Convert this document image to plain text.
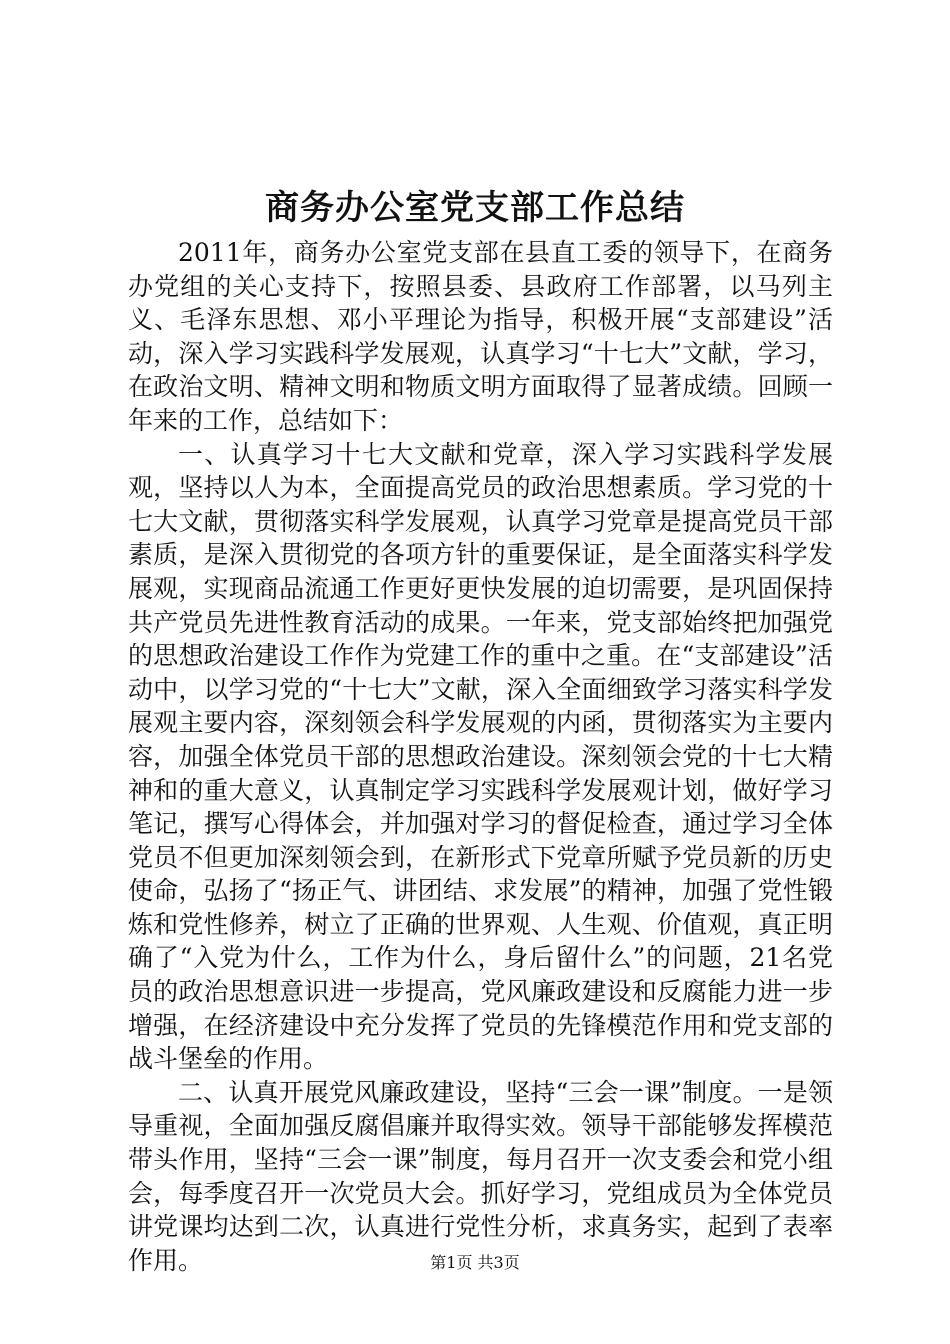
商务办公室党支部工作总结

2011年，商务办公室党支部在县直工委的领导下，在商务办党组的关心支持下，按照县委、县政府工作部署，以马列主义、毛泽东思想、邓小平理论为指导，积极开展“支部建设”活动，深入学习实践科学发展观，认真学习“十七大”文献，学习，在政治文明、精神文明和物质文明方面取得了显著成绩。回顾一年来的工作，总结如下：

一、认真学习十七大文献和党章，深入学习实践科学发展观，坚持以人为本，全面提高党员的政治思想素质。学习党的十七大文献，贯彻落实科学发展观，认真学习党章是提高党员干部素质，是深入贯彻党的各项方针的重要保证，是全面落实科学发展观，实现商品流通工作更好更快发展的迫切需要，是巩固保持共产党员先进性教育活动的成果。一年来，党支部始终把加强党的思想政治建设工作作为党建工作的重中之重。在“支部建设”活动中，以学习党的“十七大”文献，深入全面细致学习落实科学发展观主要内容，深刻领会科学发展观的内函，贯彻落实为主要内容，加强全体党员干部的思想政治建设。深刻领会党的十七大精神和的重大意义，认真制定学习实践科学发展观计划，做好学习笔记，撰写心得体会，并加强对学习的督促检查，通过学习全体党员不但更加深刻领会到，在新形式下党章所赋予党员新的历史使命，弘扬了“扬正气、讲团结、求发展”的精神，加强了党性锻炼和党性修养，树立了正确的世界观、人生观、价值观，真正明确了“入党为什么，工作为什么，身后留什么”的问题，21名党员的政治思想意识进一步提高，党风廉政建设和反腐能力进一步增强，在经济建设中充分发挥了党员的先锋模范作用和党支部的战斗堡垒的作用。

二、认真开展党风廉政建设，坚持“三会一课”制度。一是领导重视，全面加强反腐倡廉并取得实效。领导干部能够发挥模范带头作用，坚持“三会一课”制度，每月召开一次支委会和党小组会，每季度召开一次党员大会。抓好学习，党组成员为全体党员讲党课均达到二次，认真进行党性分析，求真务实，起到了表率作用。	第1页 共3页
